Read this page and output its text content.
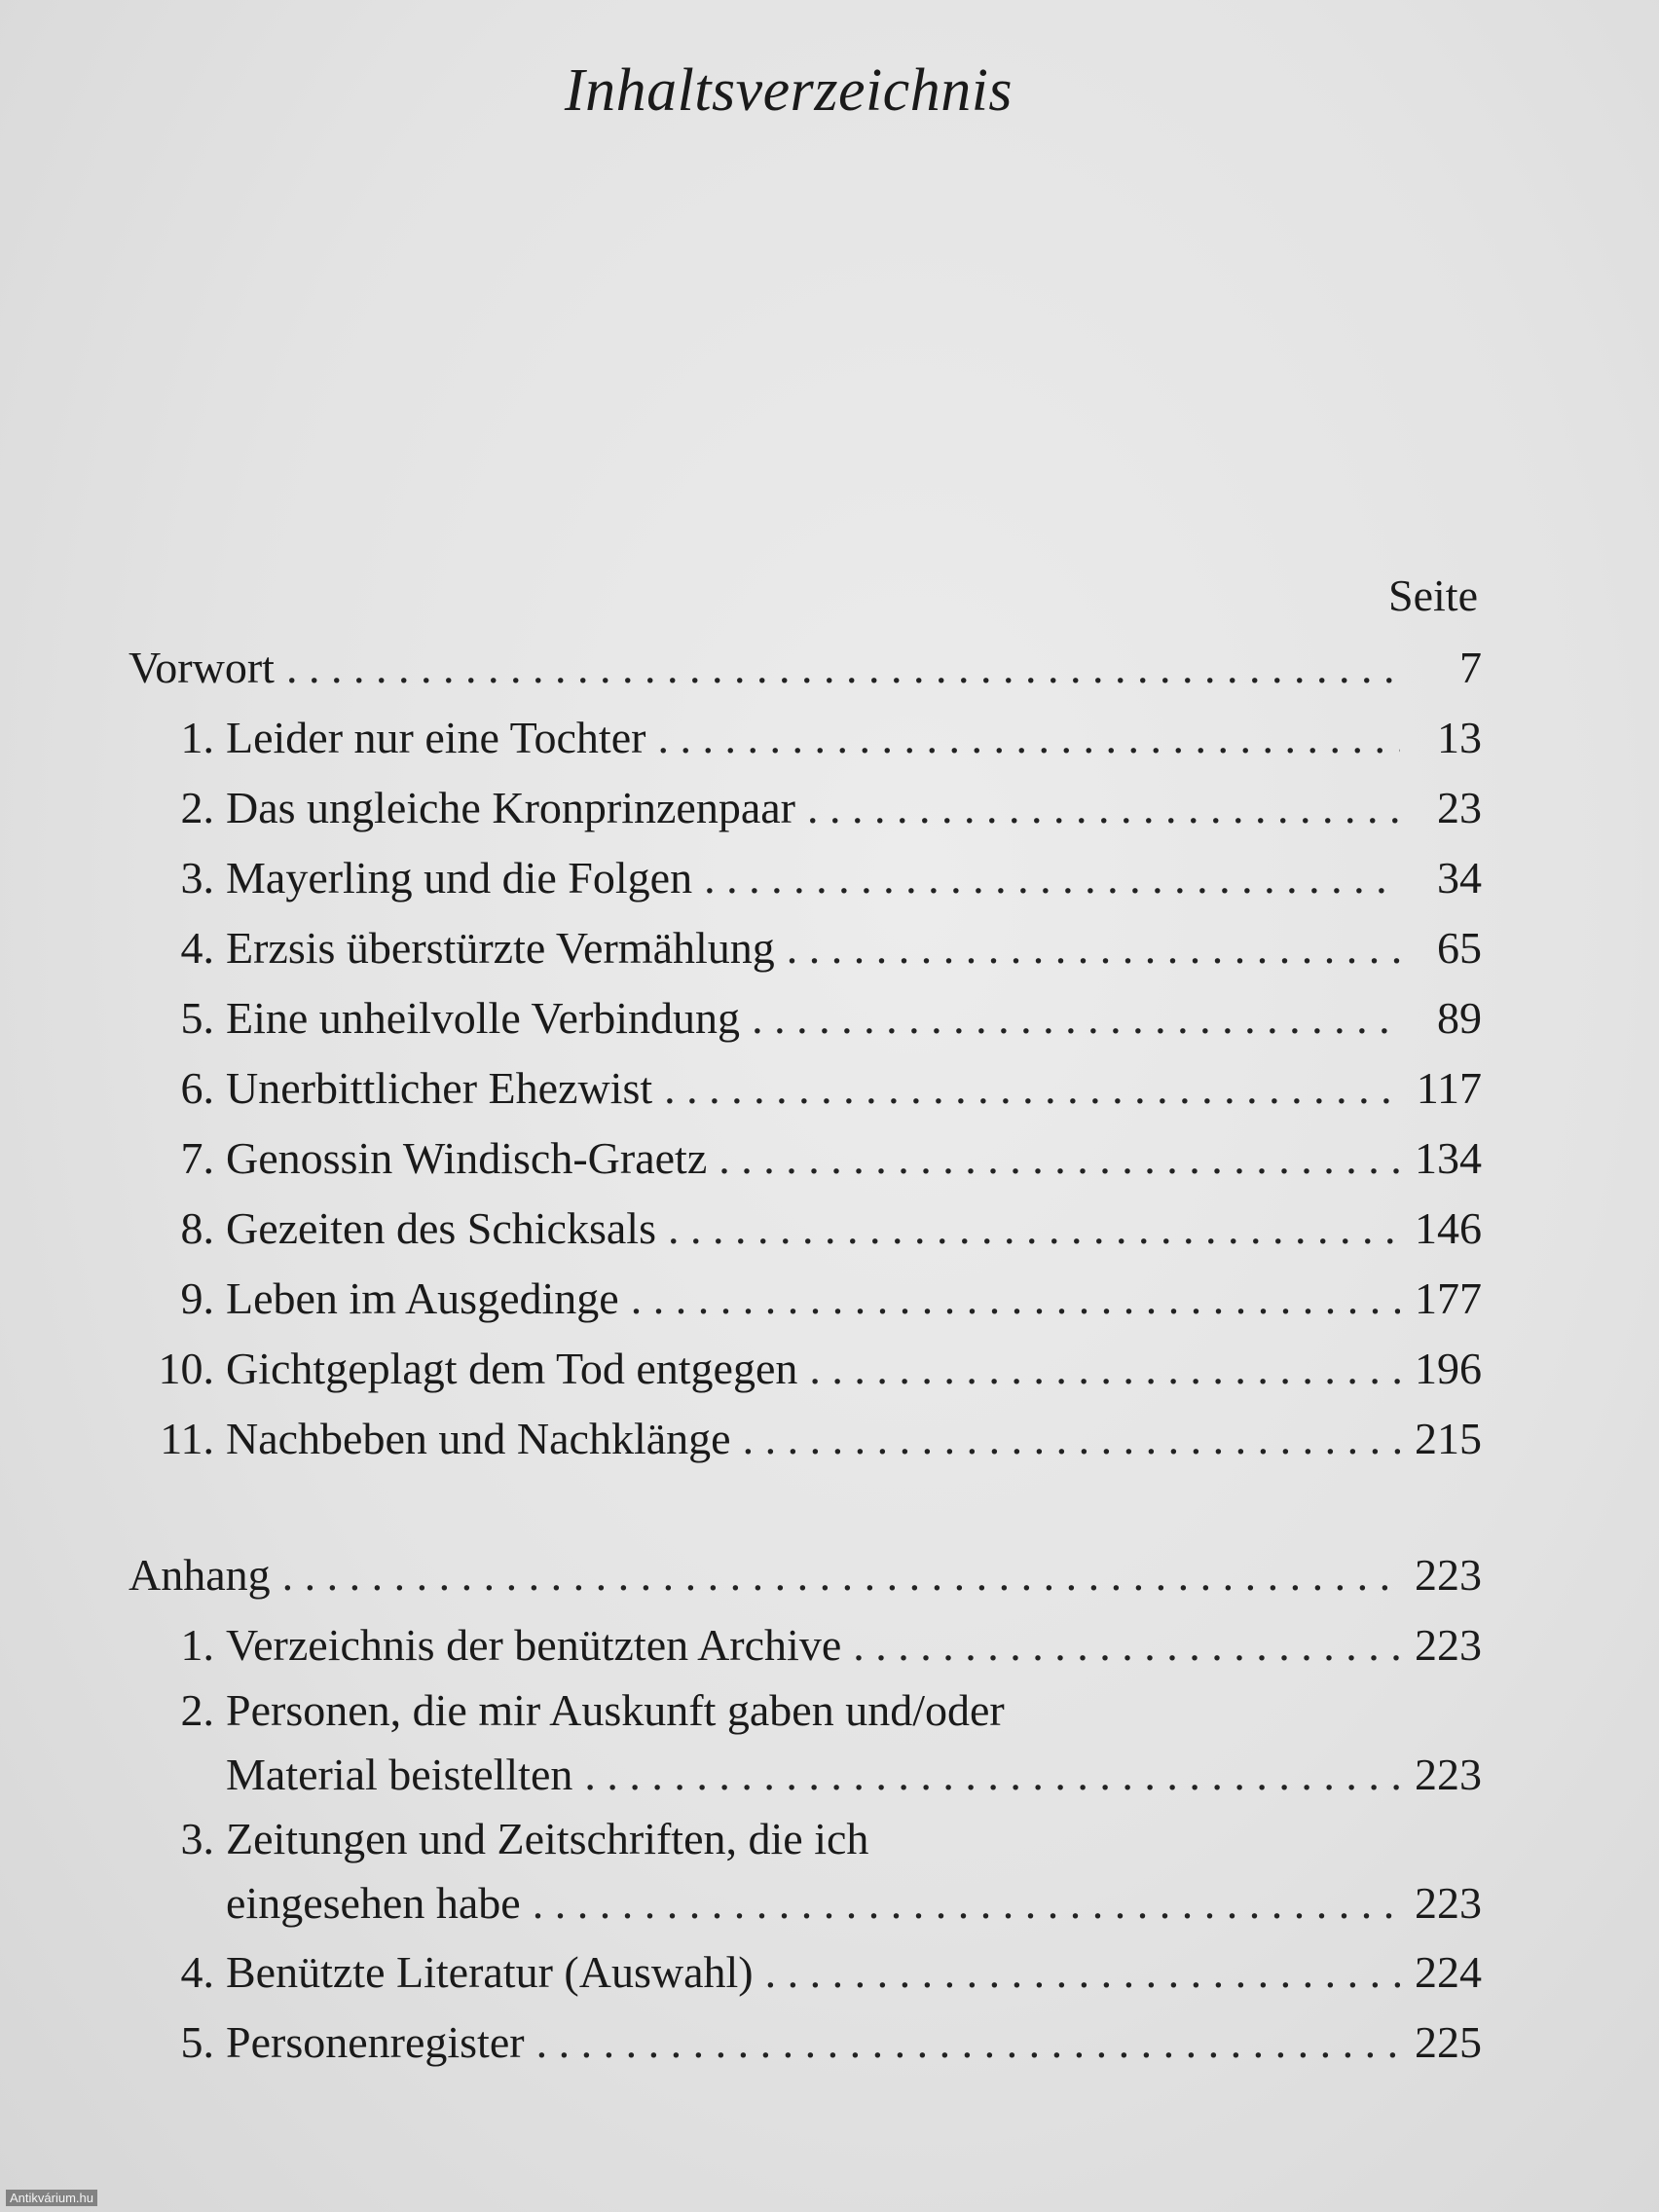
Inhaltsverzeichnis
Seite
Vorwort . . .	7
1. Leider nur eine Tochter . . .	13
2. Das ungleiche Kronprinzenpaar . . .	23
3. Mayerling und die Folgen . . .	34
4. Erzsis überstürzte Vermählung . . .	65
5. Eine unheilvolle Verbindung . . .	89
6. Unerbittlicher Ehezwist . . .	117
7. Genossin Windisch-Graetz . . .	134
8. Gezeiten des Schicksals . . .	146
9. Leben im Ausgedinge . . .	177
10. Gichtgeplagt dem Tod entgegen . . .	196
11. Nachbeben und Nachklänge . . .	215
Anhang . . .	223
1. Verzeichnis der benützten Archive . . .	223
2. Personen, die mir Auskunft gaben und/oder
Material beistellten . . .	223
3. Zeitungen und Zeitschriften, die ich
eingesehen habe . . .	223
4. Benützte Literatur (Auswahl) . . .	224
5. Personenregister . . .	225
Antikvárium.hu
